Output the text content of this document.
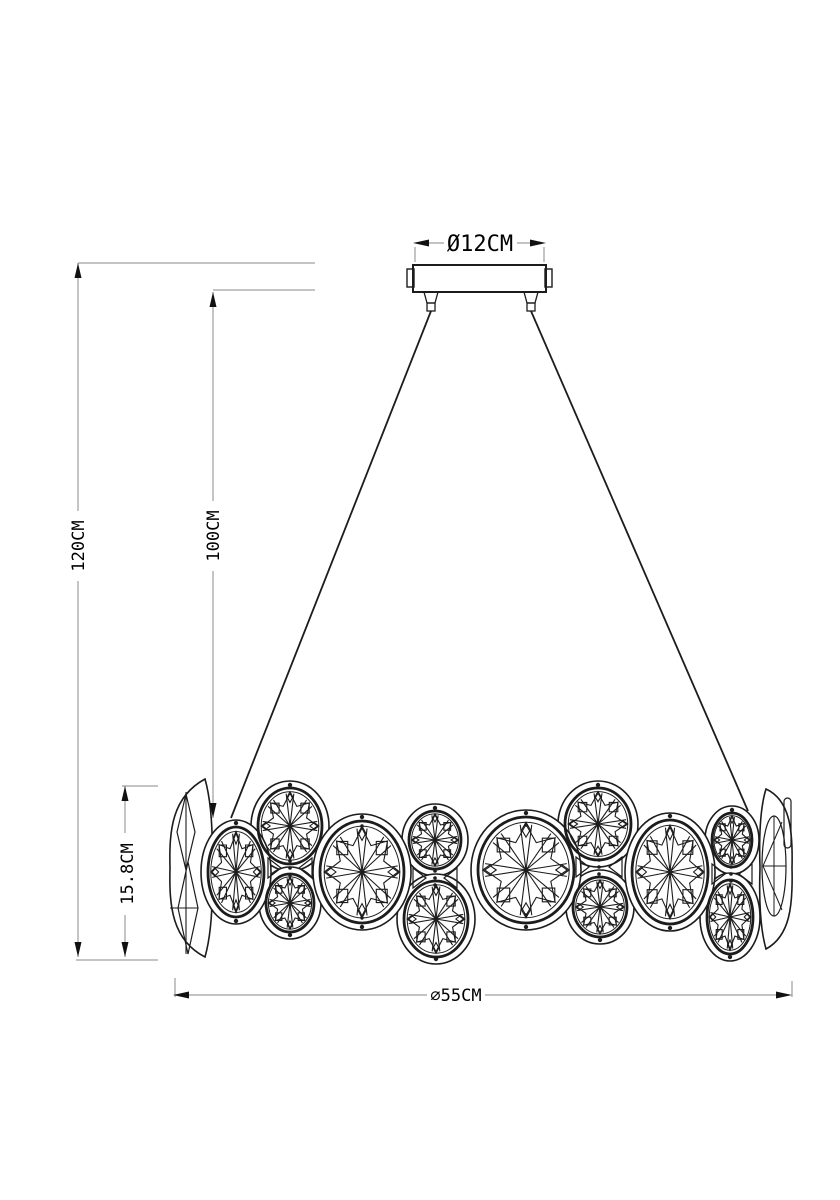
Ø12CM
120CM	100CM
15.8CM
∅55CM
